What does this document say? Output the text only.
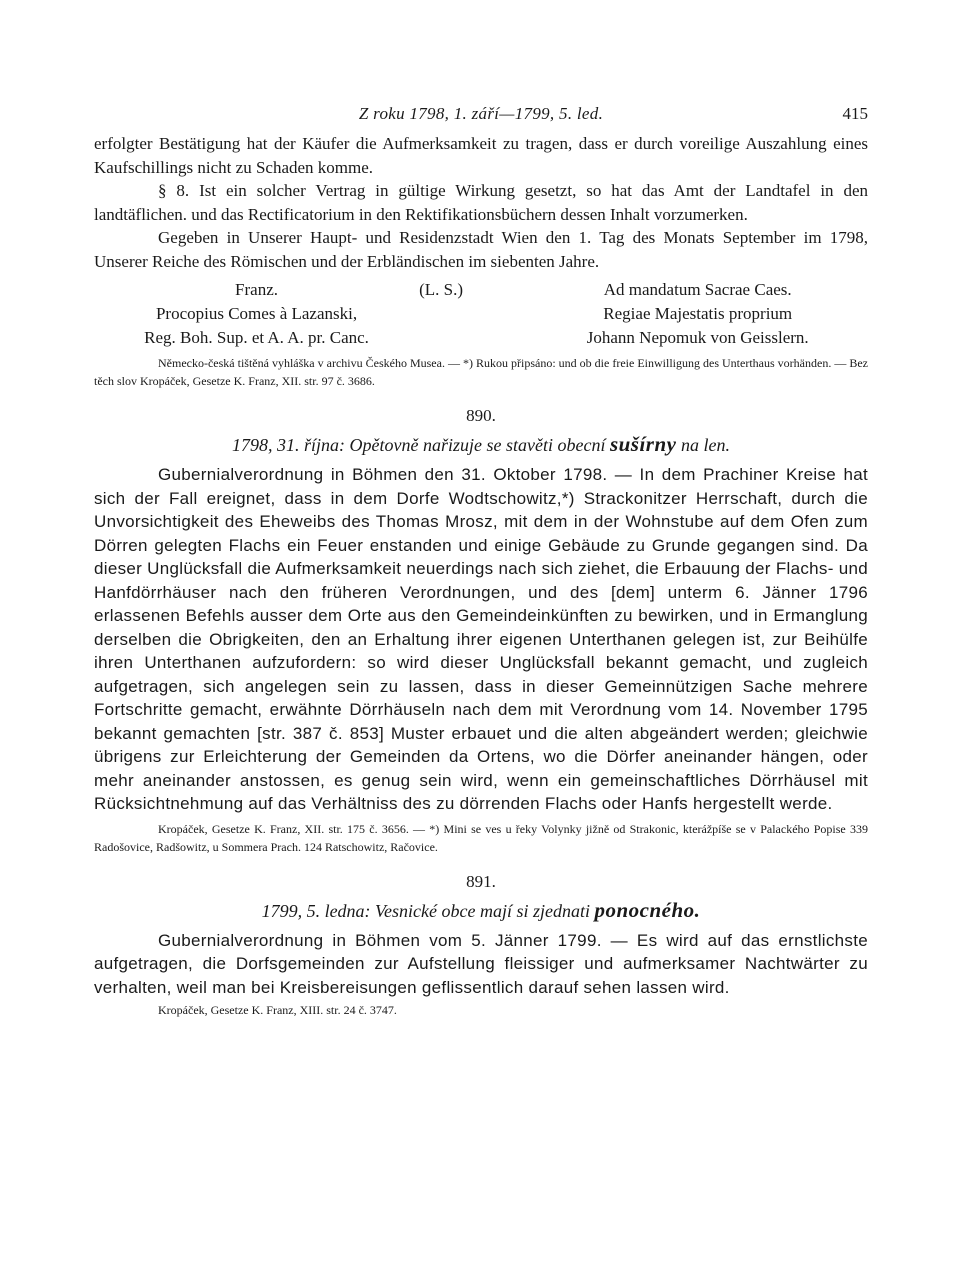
Z roku 1798, 1. září—1799, 5. led.	415

erfolgter Bestätigung hat der Käufer die Aufmerksamkeit zu tragen, dass er durch voreilige Auszahlung eines Kaufschillings nicht zu Schaden komme.

§ 8. Ist ein solcher Vertrag in gültige Wirkung gesetzt, so hat das Amt der Landtafel in den landtäflichen. und das Rectificatorium in den Rektifikationsbüchern dessen Inhalt vorzumerken.

Gegeben in Unserer Haupt- und Residenzstadt Wien den 1. Tag des Monats September im 1798, Unserer Reiche des Römischen und der Erbländischen im siebenten Jahre.

Franz.	(L. S.)	Ad mandatum Sacrae Caes.
Procopius Comes à Lazanski,		Regiae Majestatis proprium
Reg. Boh. Sup. et A. A. pr. Canc.		Johann Nepomuk von Geisslern.

Německo-česká tištěná vyhláška v archivu Českého Musea. — *) Rukou připsáno: und ob die freie Einwilligung des Unterthaus vorhänden. — Bez těch slov Kropáček, Gesetze K. Franz, XII. str. 97 č. 3686.

890.
1798, 31. října: Opětovně nařizuje se stavěti obecní sušírny na len.

Gubernialverordnung in Böhmen den 31. Oktober 1798. — In dem Prachiner Kreise hat sich der Fall ereignet, dass in dem Dorfe Wodtschowitz,*) Strackonitzer Herrschaft, durch die Unvorsichtigkeit des Eheweibs des Thomas Mrosz, mit dem in der Wohnstube auf dem Ofen zum Dörren gelegten Flachs ein Feuer enstanden und einige Gebäude zu Grunde gegangen sind. Da dieser Unglücksfall die Aufmerksamkeit neuerdings nach sich ziehet, die Erbauung der Flachs- und Hanfdörrhäuser nach den früheren Verordnungen, und des [dem] unterm 6. Jänner 1796 erlassenen Befehls ausser dem Orte aus den Gemeindeinkünften zu bewirken, und in Ermanglung derselben die Obrigkeiten, den an Erhaltung ihrer eigenen Unterthanen gelegen ist, zur Beihülfe ihren Unterthanen aufzufordern: so wird dieser Unglücksfall bekannt gemacht, und zugleich aufgetragen, sich angelegen sein zu lassen, dass in dieser Gemeinnützigen Sache mehrere Fortschritte gemacht, erwähnte Dörrhäuseln nach dem mit Verordnung vom 14. November 1795 bekannt gemachten [str. 387 č. 853] Muster erbauet und die alten abgeändert werden; gleichwie übrigens zur Erleichterung der Gemeinden da Ortens, wo die Dörfer aneinander hängen, oder mehr aneinander anstossen, es genug sein wird, wenn ein gemeinschaftliches Dörrhäusel mit Rücksichtnehmung auf das Verhältniss des zu dörrenden Flachs oder Hanfs hergestellt werde.

Kropáček, Gesetze K. Franz, XII. str. 175 č. 3656. — *) Mini se ves u řeky Volynky jižně od Strakonic, kterážpíše se v Palackého Popise 339 Radošovice, Radšowitz, u Sommera Prach. 124 Ratschowitz, Račovice.

891.
1799, 5. ledna: Vesnické obce mají si zjednati ponocného.

Gubernialverordnung in Böhmen vom 5. Jänner 1799. — Es wird auf das ernstlichste aufgetragen, die Dorfsgemeinden zur Aufstellung fleissiger und aufmerksamer Nachtwärter zu verhalten, weil man bei Kreisbereisungen geflissentlich darauf sehen lassen wird.

Kropáček, Gesetze K. Franz, XIII. str. 24 č. 3747.
